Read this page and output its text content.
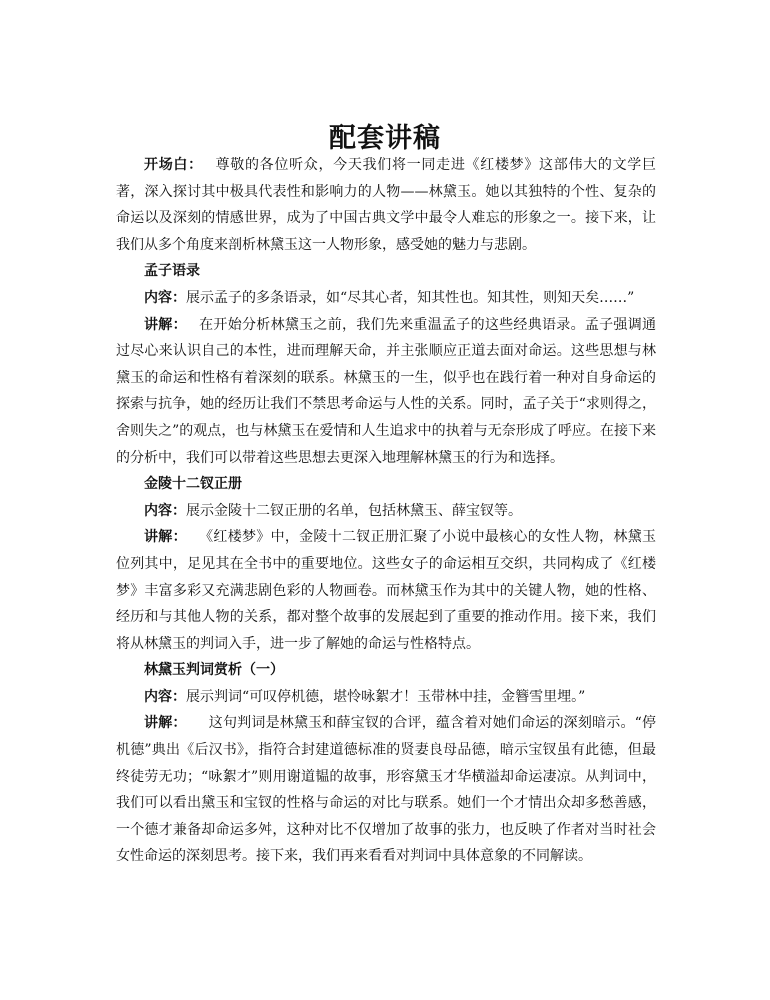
配套讲稿

开场白： 尊敬的各位听众，今天我们将一同走进《红楼梦》这部伟大的文学巨著，深入探讨其中极具代表性和影响力的人物——林黛玉。她以其独特的个性、复杂的命运以及深刻的情感世界，成为了中国古典文学中最令人难忘的形象之一。接下来，让我们从多个角度来剖析林黛玉这一人物形象，感受她的魅力与悲剧。

孟子语录

内容：展示孟子的多条语录，如“尽其心者，知其性也。知其性，则知天矣……”

讲解： 在开始分析林黛玉之前，我们先来重温孟子的这些经典语录。孟子强调通过尽心来认识自己的本性，进而理解天命，并主张顺应正道去面对命运。这些思想与林黛玉的命运和性格有着深刻的联系。林黛玉的一生，似乎也在践行着一种对自身命运的探索与抗争，她的经历让我们不禁思考命运与人性的关系。同时，孟子关于“求则得之，舍则失之”的观点，也与林黛玉在爱情和人生追求中的执着与无奈形成了呼应。在接下来的分析中，我们可以带着这些思想去更深入地理解林黛玉的行为和选择。

金陵十二钗正册

内容：展示金陵十二钗正册的名单，包括林黛玉、薛宝钗等。

讲解： 《红楼梦》中，金陵十二钗正册汇聚了小说中最核心的女性人物，林黛玉位列其中，足见其在全书中的重要地位。这些女子的命运相互交织，共同构成了《红楼梦》丰富多彩又充满悲剧色彩的人物画卷。而林黛玉作为其中的关键人物，她的性格、经历和与其他人物的关系，都对整个故事的发展起到了重要的推动作用。接下来，我们将从林黛玉的判词入手，进一步了解她的命运与性格特点。

林黛玉判词赏析（一）

内容：展示判词“可叹停机德，堪怜咏絮才！玉带林中挂，金簪雪里埋。”

讲解： 这句判词是林黛玉和薛宝钗的合评，蕴含着对她们命运的深刻暗示。“停机德”典出《后汉书》，指符合封建道德标准的贤妻良母品德，暗示宝钗虽有此德，但最终徒劳无功；“咏絮才”则用谢道韫的故事，形容黛玉才华横溢却命运凄凉。从判词中，我们可以看出黛玉和宝钗的性格与命运的对比与联系。她们一个才情出众却多愁善感，一个德才兼备却命运多舛，这种对比不仅增加了故事的张力，也反映了作者对当时社会女性命运的深刻思考。接下来，我们再来看看对判词中具体意象的不同解读。
